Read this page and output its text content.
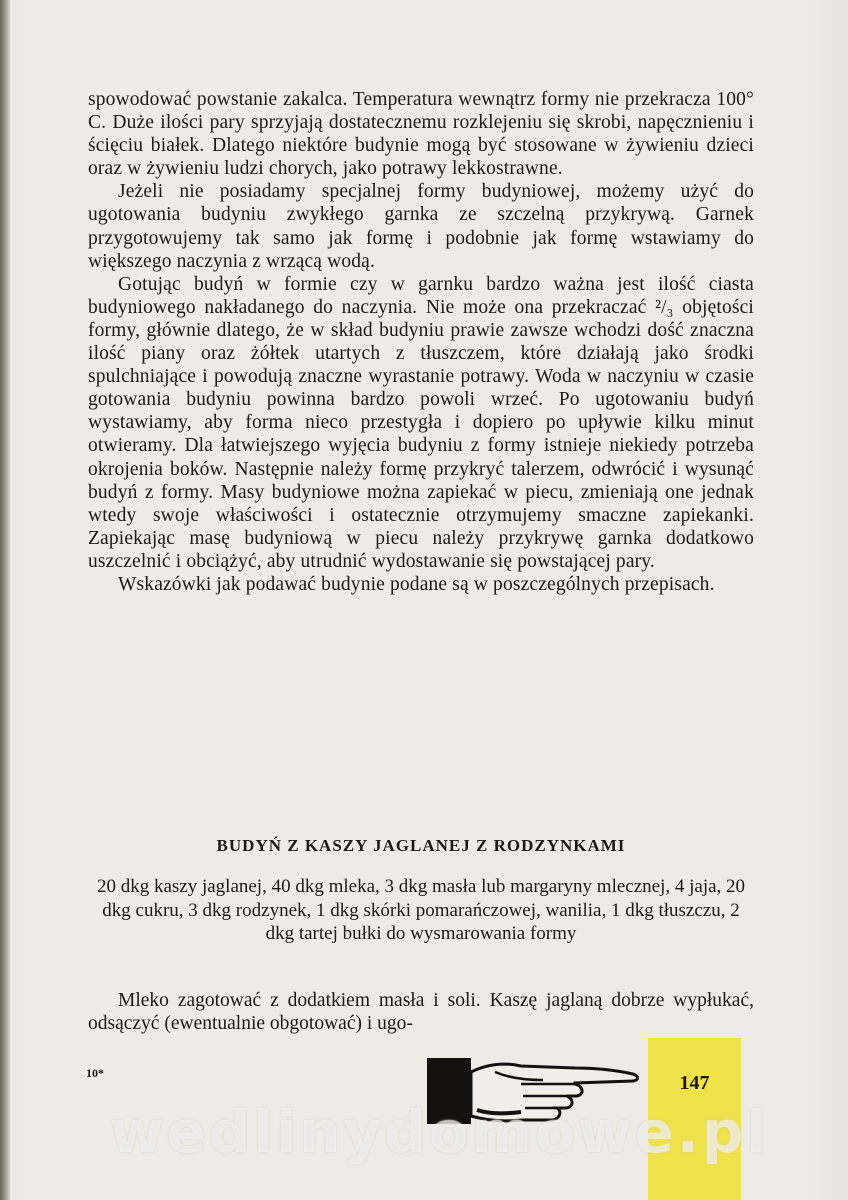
spowodować powstanie zakalca. Temperatura wewnątrz formy nie przekracza 100° C. Duże ilości pary sprzyjają dostatecznemu rozklejeniu się skrobi, napęcznieniu i ścięciu białek. Dlatego niektóre budynie mogą być stosowane w żywieniu dzieci oraz w żywieniu ludzi chorych, jako potrawy lekkostrawne.

Jeżeli nie posiadamy specjalnej formy budyniowej, możemy użyć do ugotowania budyniu zwykłego garnka ze szczelną przykrywą. Garnek przygotowujemy tak samo jak formę i podobnie jak formę wstawiamy do większego naczynia z wrzącą wodą.

Gotując budyń w formie czy w garnku bardzo ważna jest ilość ciasta budyniowego nakładanego do naczynia. Nie może ona przekraczać ²/₃ objętości formy, głównie dlatego, że w skład budyniu prawie zawsze wchodzi dość znaczna ilość piany oraz żółtek utartych z tłuszczem, które działają jako środki spulchniające i powodują znaczne wyrastanie potrawy. Woda w naczyniu w czasie gotowania budyniu powinna bardzo powoli wrzeć. Po ugotowaniu budyń wystawiamy, aby forma nieco przestygła i dopiero po upływie kilku minut otwieramy. Dla łatwiejszego wyjęcia budyniu z formy istnieje niekiedy potrzeba okrojenia boków. Następnie należy formę przykryć talerzem, odwrócić i wysunąć budyń z formy. Masy budyniowe można zapiekać w piecu, zmieniają one jednak wtedy swoje właściwości i ostatecznie otrzymujemy smaczne zapiekanki. Zapiekając masę budyniową w piecu należy przykrywę garnka dodatkowo uszczelnić i obciążyć, aby utrudnić wydostawanie się powstającej pary.

Wskazówki jak podawać budynie podane są w poszczególnych przepisach.

BUDYŃ Z KASZY JAGLANEJ Z RODZYNKAMI
20 dkg kaszy jaglanej, 40 dkg mleka, 3 dkg masła lub margaryny mlecznej, 4 jaja, 20 dkg cukru, 3 dkg rodzynek, 1 dkg skórki pomarańczowej, wanilia, 1 dkg tłuszczu, 2 dkg tartej bułki do wysmarowania formy

Mleko zagotować z dodatkiem masła i soli. Kaszę jaglaną dobrze wypłukać, odsączyć (ewentualnie obgotować) i ugo-

10*	147
wedlinydomowe.pl
